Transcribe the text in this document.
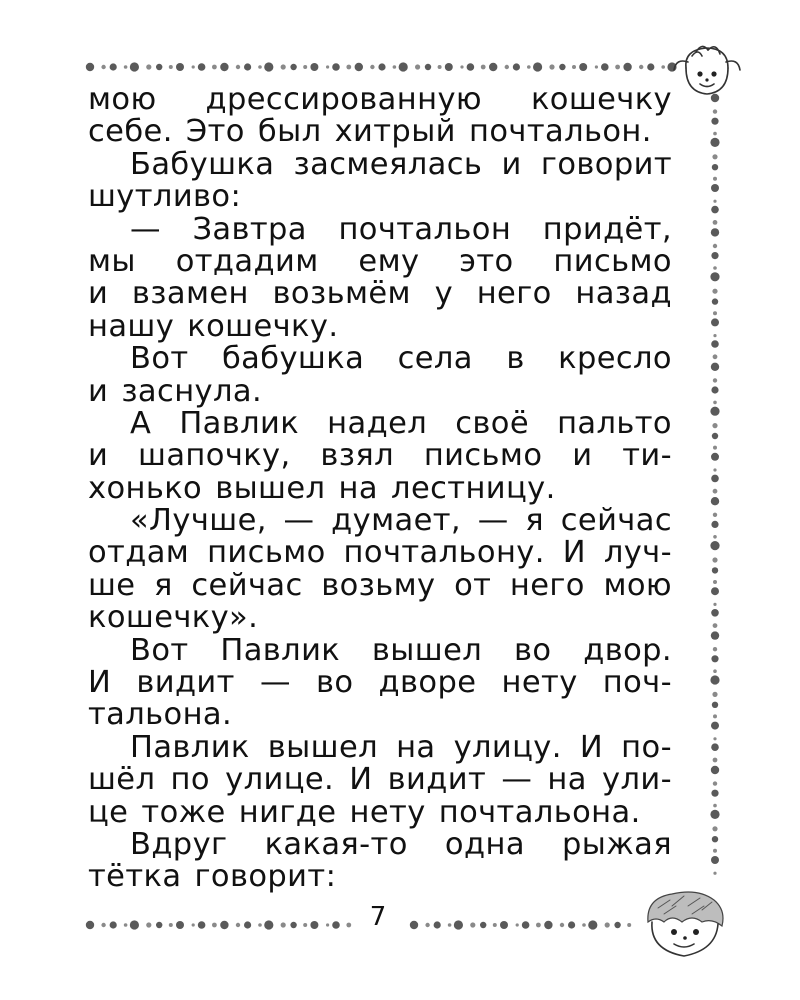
мою дрессированную кошечку
себе. Это был хитрый почтальон.
Бабушка засмеялась и говорит
шутливо:
— Завтра почтальон придёт,
мы отдадим ему это письмо
и взамен возьмём у него назад
нашу кошечку.
Вот бабушка села в кресло
и заснула.
А Павлик надел своё пальто
и шапочку, взял письмо и ти-
хонько вышел на лестницу.
«Лучше, — думает, — я сейчас
отдам письмо почтальону. И луч-
ше я сейчас возьму от него мою
кошечку».
Вот Павлик вышел во двор.
И видит — во дворе нету поч-
тальона.
Павлик вышел на улицу. И по-
шёл по улице. И видит — на ули-
це тоже нигде нету почтальона.
Вдруг какая-то одна рыжая
тётка говорит:
7
